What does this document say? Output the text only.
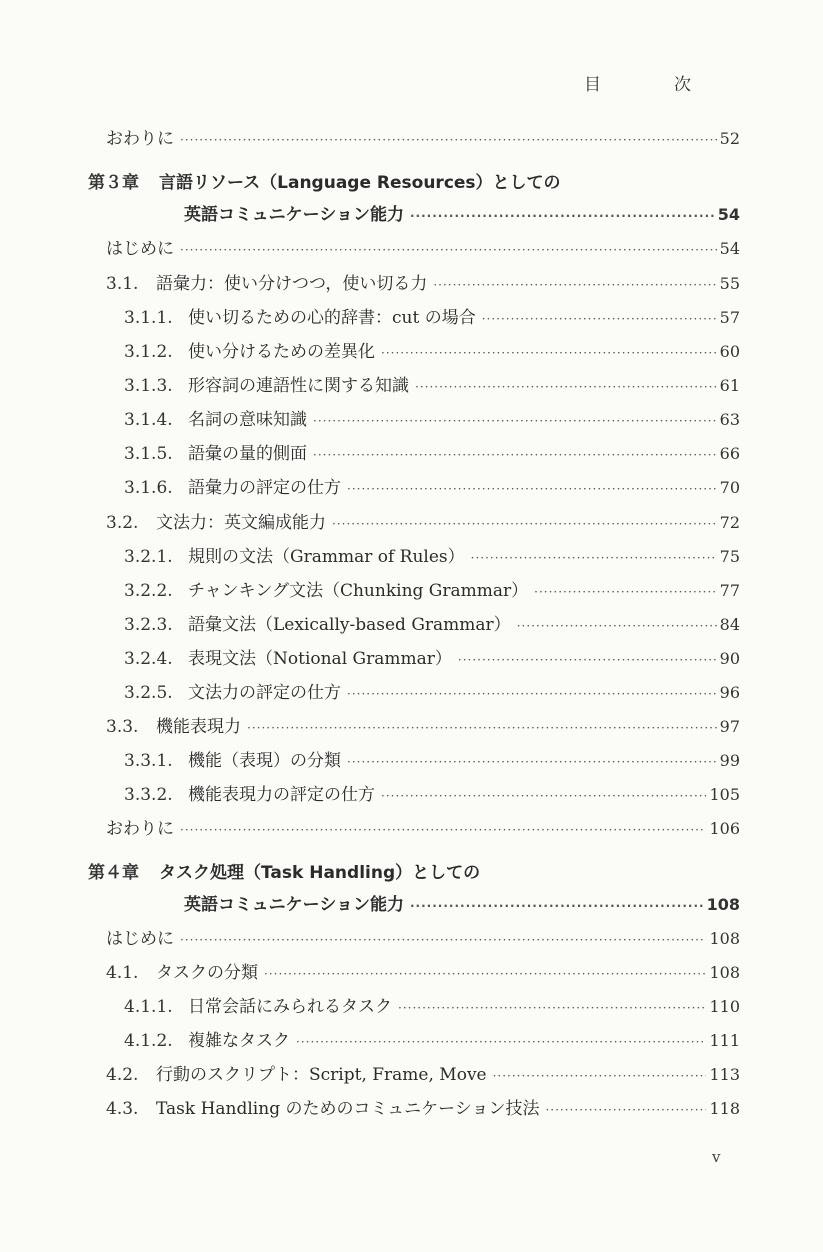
目　次
おわりに ·····	52
第３章 言語リソース（Language Resources）としての
英語コミュニケーション能力 ·····	54
はじめに ·····	54
3.1.	語彙力：使い分けつつ，使い切る力 ·····	55
3.1.1. 使い切るための心的辞書：cut の場合 ·····	57
3.1.2. 使い分けるための差異化 ·····	60
3.1.3. 形容詞の連語性に関する知識 ·····	61
3.1.4. 名詞の意味知識 ·····	63
3.1.5. 語彙の量的側面 ·····	66
3.1.6. 語彙力の評定の仕方 ·····	70
3.2.	文法力：英文編成能力 ·····	72
3.2.1. 規則の文法（Grammar of Rules） ·····	75
3.2.2. チャンキング文法（Chunking Grammar） ·····	77
3.2.3. 語彙文法（Lexically-based Grammar） ·····	84
3.2.4. 表現文法（Notional Grammar） ·····	90
3.2.5. 文法力の評定の仕方 ·····	96
3.3.	機能表現力 ·····	97
3.3.1. 機能（表現）の分類 ·····	99
3.3.2. 機能表現力の評定の仕方 ·····	105
おわりに ·····	106
第４章 タスク処理（Task Handling）としての
英語コミュニケーション能力 ·····	108
はじめに ·····	108
4.1.	タスクの分類 ·····	108
4.1.1. 日常会話にみられるタスク ·····	110
4.1.2. 複雑なタスク ·····	111
4.2.	行動のスクリプト：Script, Frame, Move ·····	113
4.3.	Task Handling のためのコミュニケーション技法 ·····	118
v
